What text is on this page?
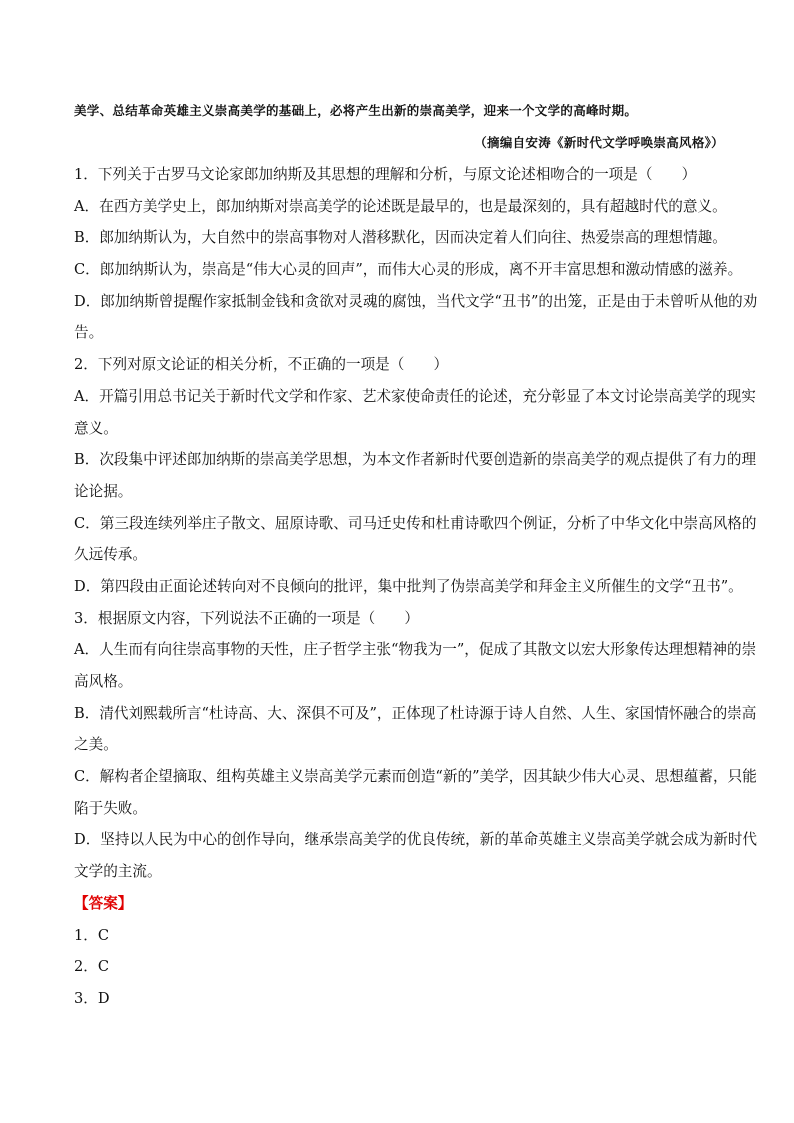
美学、总结革命英雄主义崇高美学的基础上，必将产生出新的崇高美学，迎来一个文学的高峰时期。
（摘编自安涛《新时代文学呼唤崇高风格》）
1．下列关于古罗马文论家郎加纳斯及其思想的理解和分析，与原文论述相吻合的一项是（　　）
A．在西方美学史上，郎加纳斯对崇高美学的论述既是最早的，也是最深刻的，具有超越时代的意义。
B．郎加纳斯认为，大自然中的崇高事物对人潜移默化，因而决定着人们向往、热爱崇高的理想情趣。
C．郎加纳斯认为，崇高是“伟大心灵的回声”，而伟大心灵的形成，离不开丰富思想和激动情感的滋养。
D．郎加纳斯曾提醒作家抵制金钱和贪欲对灵魂的腐蚀，当代文学“丑书”的出笼，正是由于未曾听从他的劝
告。
2．下列对原文论证的相关分析，不正确的一项是（　　）
A．开篇引用总书记关于新时代文学和作家、艺术家使命责任的论述，充分彰显了本文讨论崇高美学的现实
意义。
B．次段集中评述郎加纳斯的崇高美学思想，为本文作者新时代要创造新的崇高美学的观点提供了有力的理
论论据。
C．第三段连续列举庄子散文、屈原诗歌、司马迁史传和杜甫诗歌四个例证，分析了中华文化中崇高风格的
久远传承。
D．第四段由正面论述转向对不良倾向的批评，集中批判了伪崇高美学和拜金主义所催生的文学“丑书”。
3．根据原文内容，下列说法不正确的一项是（　　）
A．人生而有向往崇高事物的天性，庄子哲学主张“物我为一”，促成了其散文以宏大形象传达理想精神的崇
高风格。
B．清代刘熙载所言“杜诗高、大、深俱不可及”，正体现了杜诗源于诗人自然、人生、家国情怀融合的崇高
之美。
C．解构者企望摘取、组构英雄主义崇高美学元素而创造“新的”美学，因其缺少伟大心灵、思想蕴蓄，只能
陷于失败。
D．坚持以人民为中心的创作导向，继承崇高美学的优良传统，新的革命英雄主义崇高美学就会成为新时代
文学的主流。
【答案】
1．C
2．C
3．D
